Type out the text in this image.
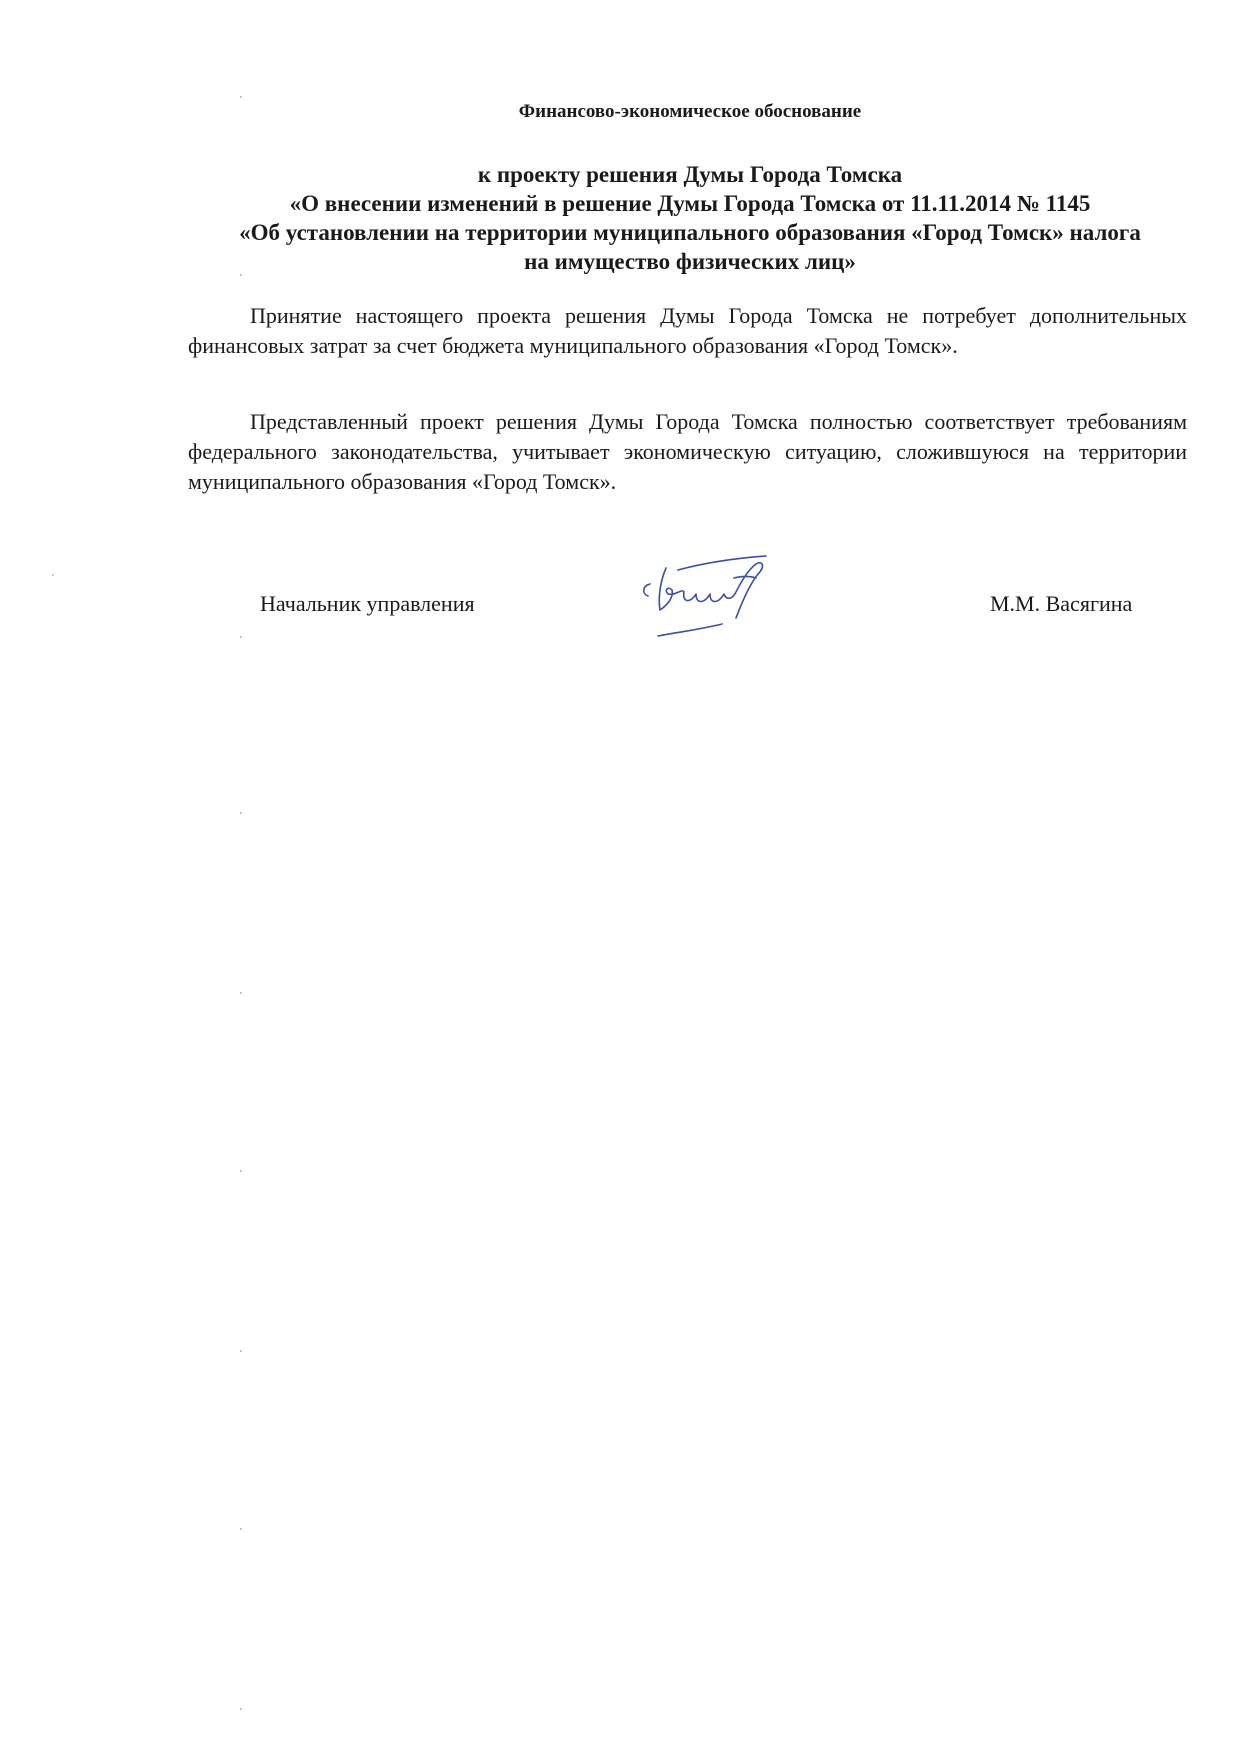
Финансово-экономическое обоснование
к проекту решения Думы Города Томска
«О внесении изменений в решение Думы Города Томска от 11.11.2014 № 1145
«Об установлении на территории муниципального образования «Город Томск» налога
на имущество физических лиц»

Принятие настоящего проекта решения Думы Города Томска не потребует дополнительных финансовых затрат за счет бюджета муниципального образования «Город Томск».

Представленный проект решения Думы Города Томска полностью соответствует требованиям федерального законодательства, учитывает экономическую ситуацию, сложившуюся на территории муниципального образования «Город Томск».

Начальник управления	М.М. Васягина
